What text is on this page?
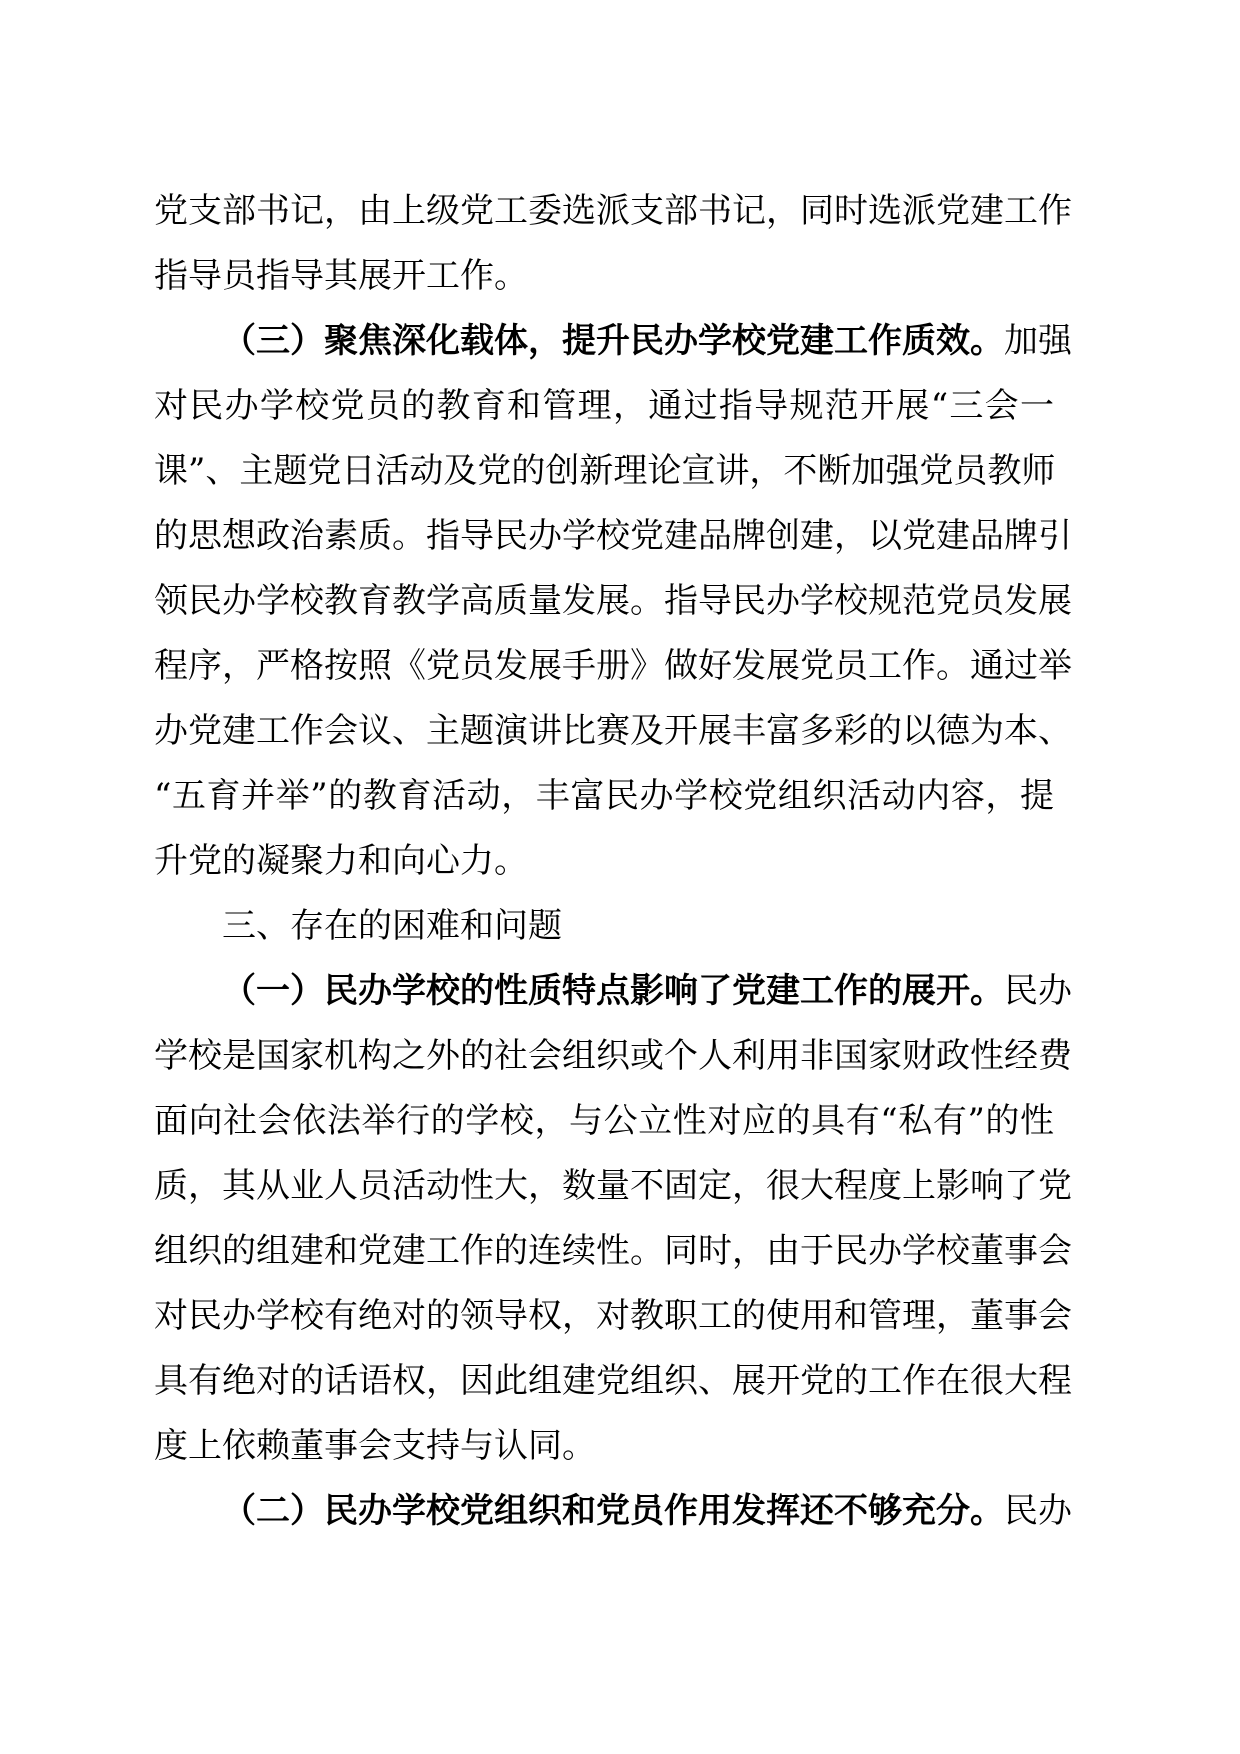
党支部书记，由上级党工委选派支部书记，同时选派党建工作
指导员指导其展开工作。
（三）聚焦深化载体，提升民办学校党建工作质效。加强
对民办学校党员的教育和管理，通过指导规范开展“三会一
课”、主题党日活动及党的创新理论宣讲，不断加强党员教师
的思想政治素质。指导民办学校党建品牌创建，以党建品牌引
领民办学校教育教学高质量发展。指导民办学校规范党员发展
程序，严格按照《党员发展手册》做好发展党员工作。通过举
办党建工作会议、主题演讲比赛及开展丰富多彩的以德为本、
“五育并举”的教育活动，丰富民办学校党组织活动内容，提
升党的凝聚力和向心力。
三、存在的困难和问题
（一）民办学校的性质特点影响了党建工作的展开。民办
学校是国家机构之外的社会组织或个人利用非国家财政性经费
面向社会依法举行的学校，与公立性对应的具有“私有”的性
质，其从业人员活动性大，数量不固定，很大程度上影响了党
组织的组建和党建工作的连续性。同时，由于民办学校董事会
对民办学校有绝对的领导权，对教职工的使用和管理，董事会
具有绝对的话语权，因此组建党组织、展开党的工作在很大程
度上依赖董事会支持与认同。
（二）民办学校党组织和党员作用发挥还不够充分。民办
